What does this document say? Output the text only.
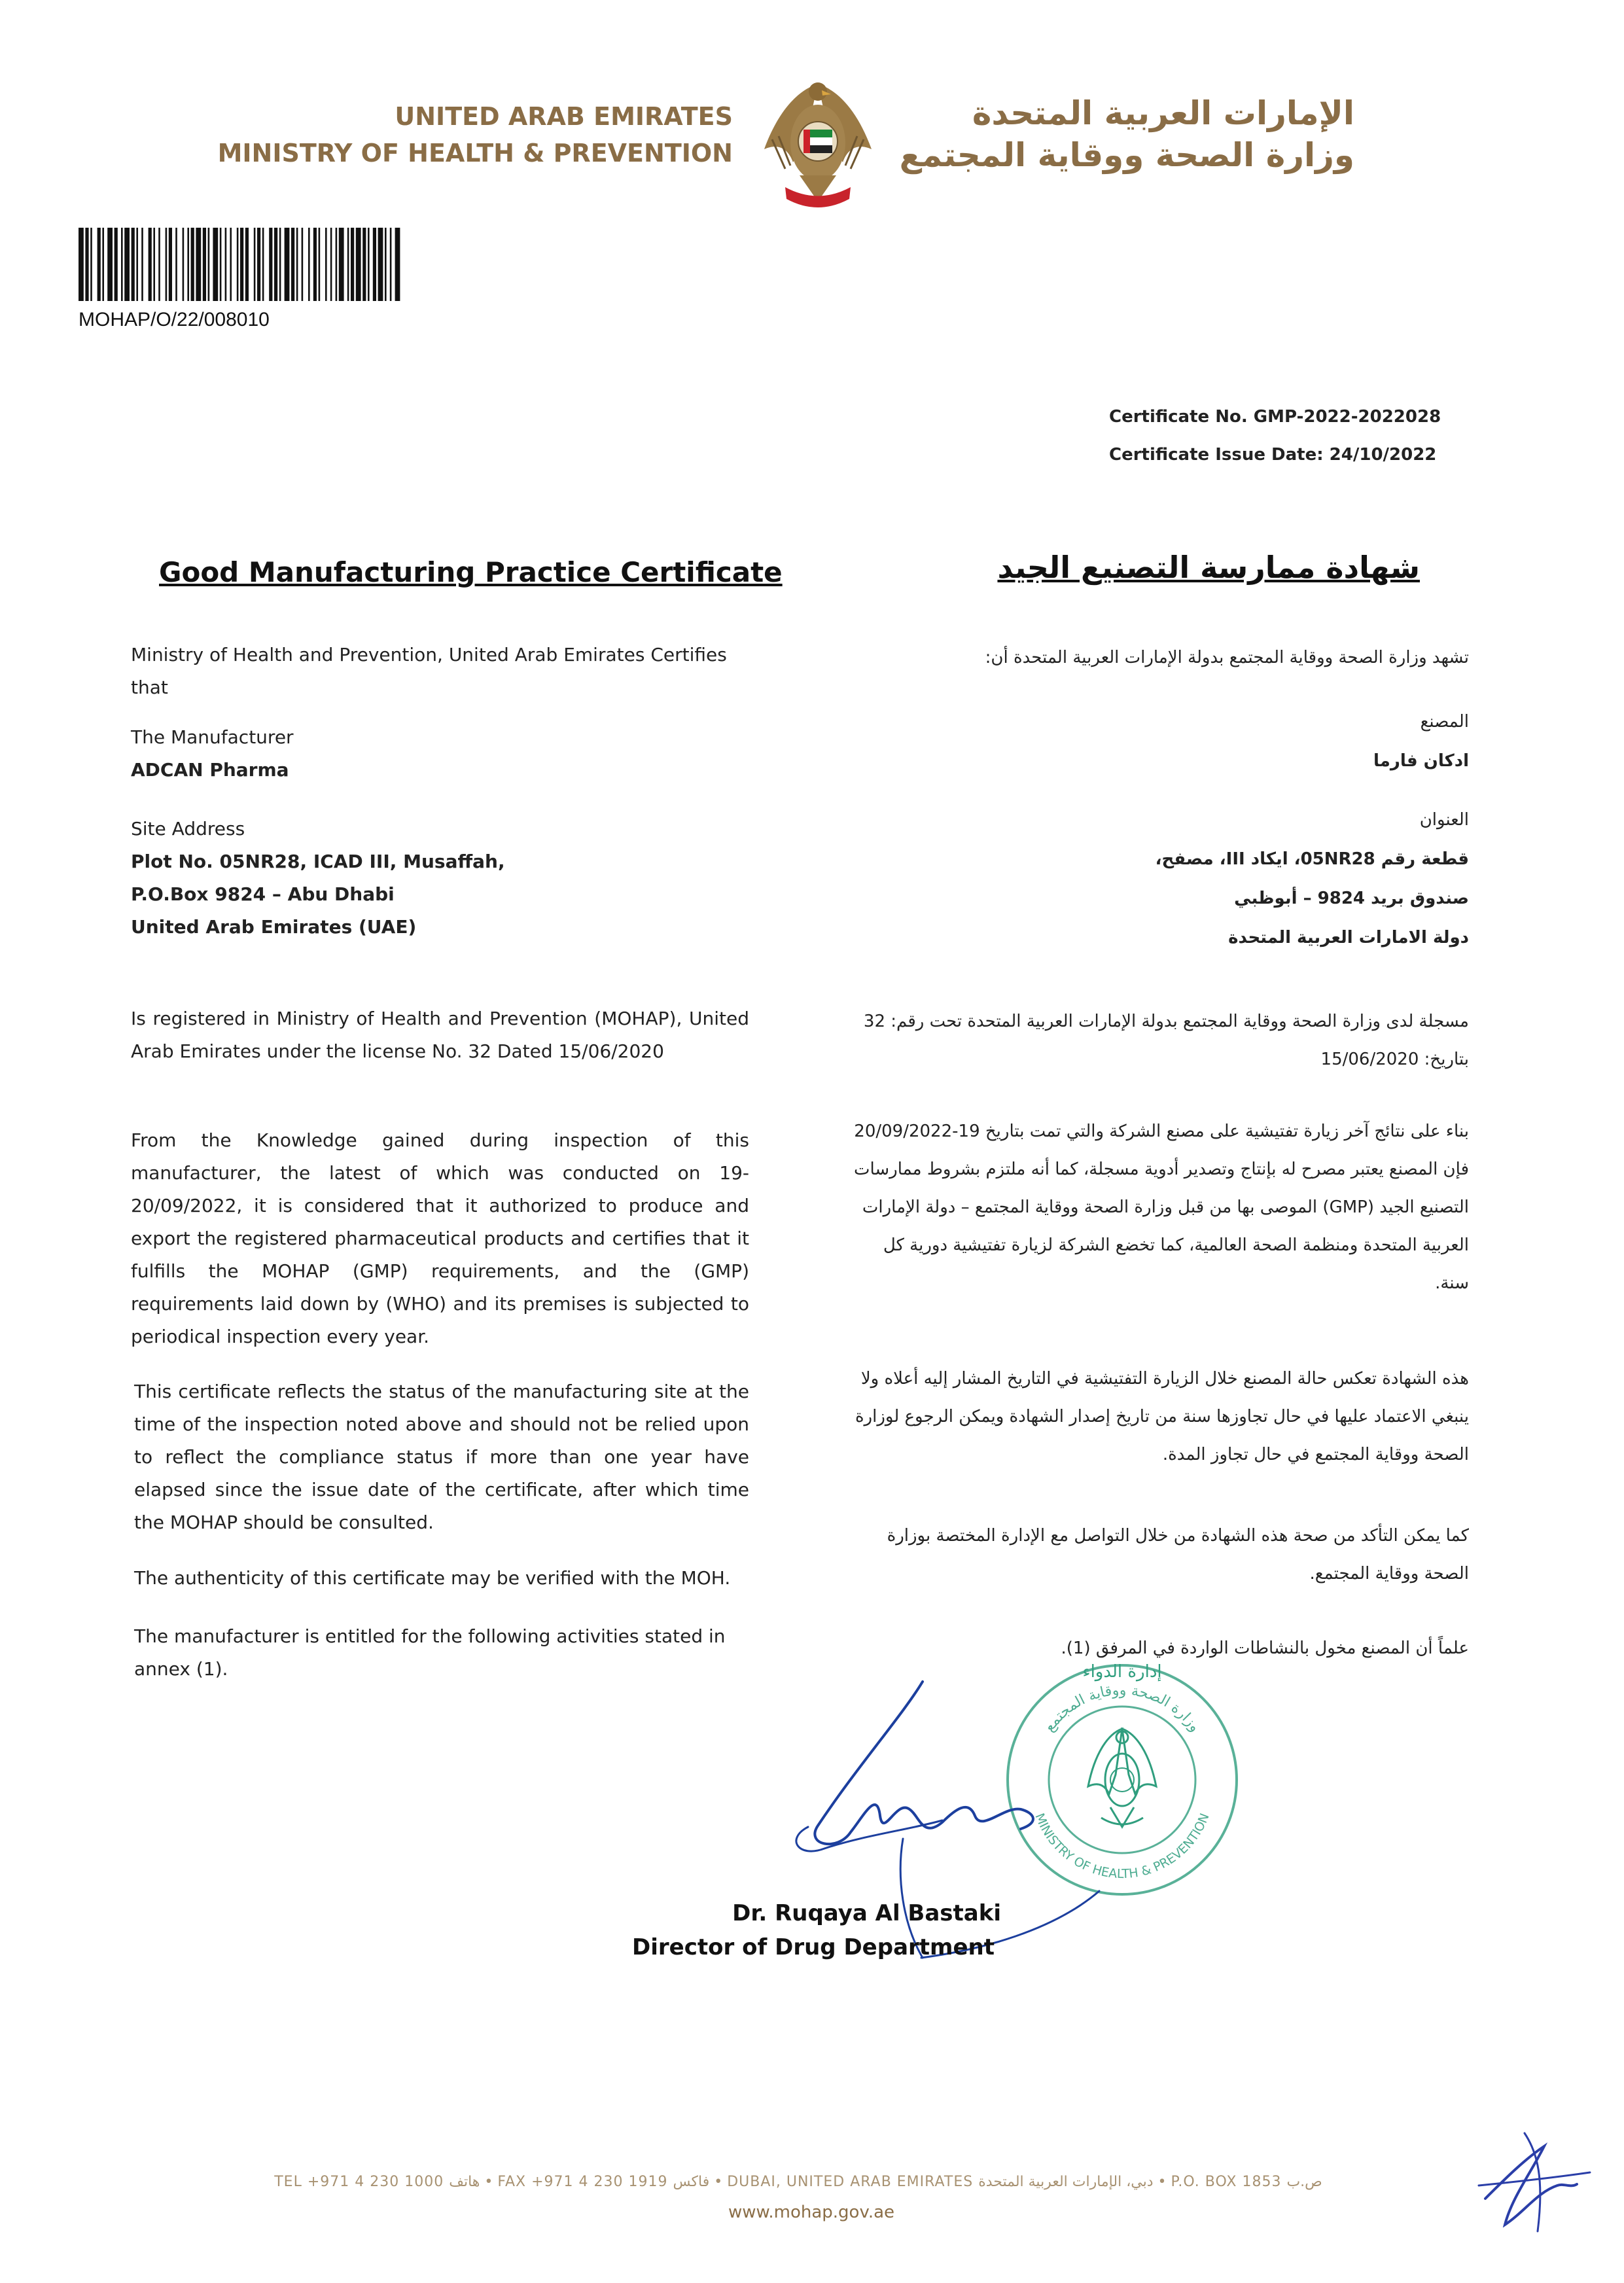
UNITED ARAB EMIRATES
MINISTRY OF HEALTH & PREVENTION
الإمارات العربية المتحدة
وزارة الصحة ووقاية المجتمع
MOHAP/O/22/008010
Certificate No. GMP-2022-2022028
Certificate Issue Date: 24/10/2022
Good Manufacturing Practice Certificate	شهادة ممارسة التصنيع الجيد
Ministry of Health and Prevention, United Arab Emirates Certifies that
The Manufacturer
ADCAN Pharma
Site Address
Plot No. 05NR28, ICAD III, Musaffah,
P.O.Box 9824 – Abu Dhabi
United Arab Emirates (UAE)
Is registered in Ministry of Health and Prevention (MOHAP), United Arab Emirates under the license No. 32 Dated 15/06/2020
From the Knowledge gained during inspection of this manufacturer, the latest of which was conducted on 19-20/09/2022, it is considered that it authorized to produce and export the registered pharmaceutical products and certifies that it fulfills the MOHAP (GMP) requirements, and the (GMP) requirements laid down by (WHO) and its premises is subjected to periodical inspection every year.
This certificate reflects the status of the manufacturing site at the time of the inspection noted above and should not be relied upon to reflect the compliance status if more than one year have elapsed since the issue date of the certificate, after which time the MOHAP should be consulted.
The authenticity of this certificate may be verified with the MOH.
The manufacturer is entitled for the following activities stated in annex (1).
تشهد وزارة الصحة ووقاية المجتمع بدولة الإمارات العربية المتحدة أن:
المصنع
ادكان فارما
العنوان
قطعة رقم 05NR28، ايكاد III، مصفح،
صندوق بريد 9824 – أبوظبي
دولة الامارات العربية المتحدة
مسجلة لدى وزارة الصحة ووقاية المجتمع بدولة الإمارات العربية المتحدة تحت رقم: 32 بتاريخ: 15/06/2020
بناء على نتائج آخر زيارة تفتيشية على مصنع الشركة والتي تمت بتاريخ 19-20/09/2022 فإن المصنع يعتبر مصرح له بإنتاج وتصدير أدوية مسجلة، كما أنه ملتزم بشروط ممارسات التصنيع الجيد (GMP) الموصى بها من قبل وزارة الصحة ووقاية المجتمع – دولة الإمارات العربية المتحدة ومنظمة الصحة العالمية، كما تخضع الشركة لزيارة تفتيشية دورية كل سنة.
هذه الشهادة تعكس حالة المصنع خلال الزيارة التفتيشية في التاريخ المشار إليه أعلاه ولا ينبغي الاعتماد عليها في حال تجاوزها سنة من تاريخ إصدار الشهادة ويمكن الرجوع لوزارة الصحة ووقاية المجتمع في حال تجاوز المدة.
كما يمكن التأكد من صحة هذه الشهادة من خلال التواصل مع الإدارة المختصة بوزارة الصحة ووقاية المجتمع.
علماً أن المصنع مخول بالنشاطات الواردة في المرفق (1).
وزارة الصحة ووقاية المجتمع
MINISTRY OF HEALTH & PREVENTION
إدارة الدواء
Dr. Ruqaya Al Bastaki
Director of Drug Department
TEL +971 4 230 1000 هاتف • FAX +971 4 230 1919 فاكس • DUBAI, UNITED ARAB EMIRATES دبي، الإمارات العربية المتحدة • P.O. BOX 1853 ص.ب
www.mohap.gov.ae
